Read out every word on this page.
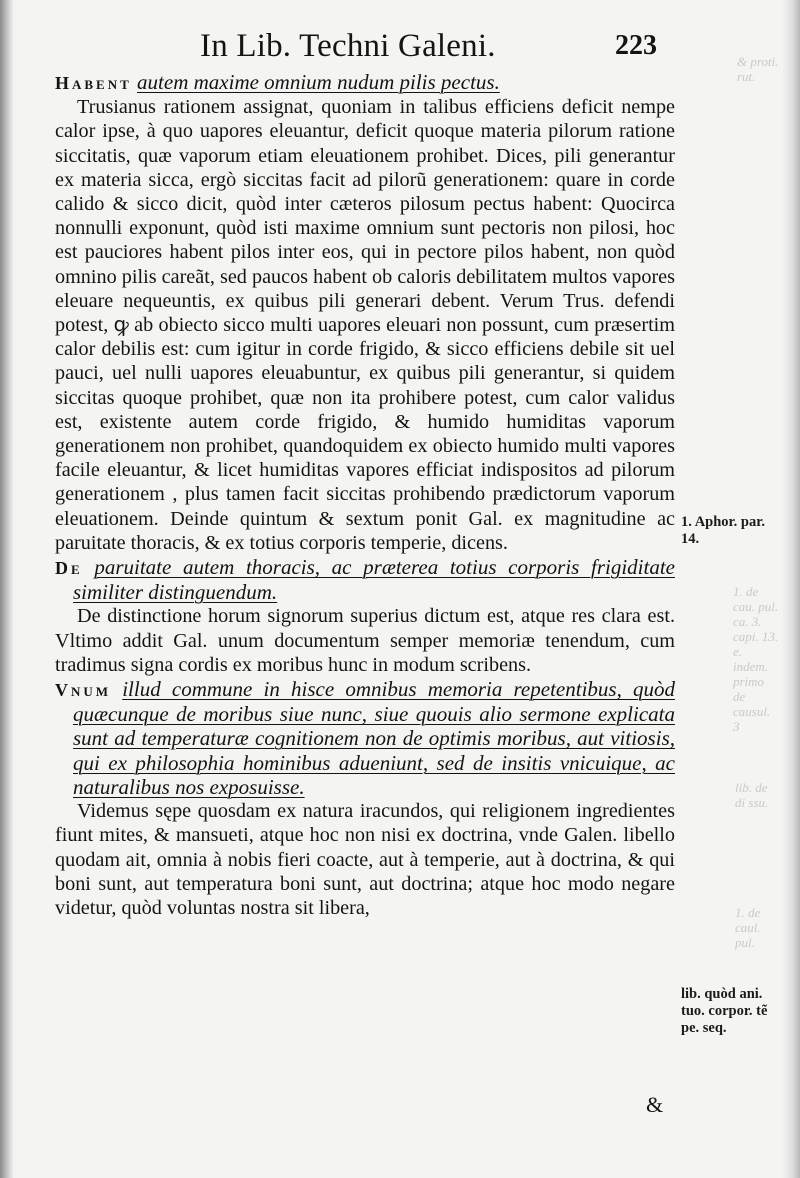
& proti. rut.
1. de cau. pul. ca. 3. capi. 13. e. indem. primo de causul. 3
lib. de di ssu.
1. de caul. pul.
In Lib. Techni Galeni.	223

Habent autem maxime omnium nudum pilis pectus.

Trusianus rationem assignat, quoniam in talibus efficiens deficit nempe calor ipse, à quo uapores eleuantur, deficit quoque materia pilorum ratione siccitatis, quæ vaporum etiam eleuationem prohibet. Dices, pili generantur ex materia sicca, ergò siccitas facit ad pilorũ generationem: quare in corde calido & sicco dicit, quòd inter cæteros pilosum pectus habent: Quocirca nonnulli exponunt, quòd isti maxime omnium sunt pectoris non pilosi, hoc est pauciores habent pilos inter eos, qui in pectore pilos habent, non quòd omnino pilis careãt, sed paucos habent ob caloris debilitatem multos vapores eleuare nequeuntis, ex quibus pili generari debent. Verum Trus. defendi potest, ꝙ ab obiecto sicco multi uapores eleuari non possunt, cum præsertim calor debilis est: cum igitur in corde frigido, & sicco efficiens debile sit uel pauci, uel nulli uapores eleuabuntur, ex quibus pili generantur, si quidem siccitas quoque prohibet, quæ non ita prohibere potest, cum calor validus est, existente autem corde frigido, & humido humiditas vaporum generationem non prohibet, quandoquidem ex obiecto humido multi vapores facile eleuantur, & licet humiditas vapores efficiat indispositos ad pilorum generationem , plus tamen facit siccitas prohibendo prædictorum vaporum eleuationem. Deinde quintum & sextum ponit Gal. ex magnitudine ac paruitate thoracis, & ex totius corporis temperie, dicens.

De paruitate autem thoracis, ac præterea totius corporis frigiditate similiter distinguendum.

De distinctione horum signorum superius dictum est, atque res clara est. Vltimo addit Gal. unum documentum semper memoriæ tenendum, cum tradimus signa cordis ex moribus hunc in modum scribens.

Vnum illud commune in hisce omnibus memoria repetentibus, quòd quæcunque de moribus siue nunc, siue quouis alio sermone explicata sunt ad temperaturæ cognitionem non de optimis moribus, aut vitiosis, qui ex philosophia hominibus adueniunt, sed de insitis vnicuique, ac naturalibus nos exposuisse.

Videmus sępe quosdam ex natura iracundos, qui religionem ingredientes fiunt mites, & mansueti, atque hoc non nisi ex doctrina, vnde Galen. libello quodam ait, omnia à nobis fieri coacte, aut à temperie, aut à doctrina, & qui boni sunt, aut temperatura boni sunt, aut doctrina; atque hoc modo negare videtur, quòd voluntas nostra sit libera,

&
1. Aphor. par. 14.
lib. quòd ani. tuo. corpor. tẽ pe. seq.
